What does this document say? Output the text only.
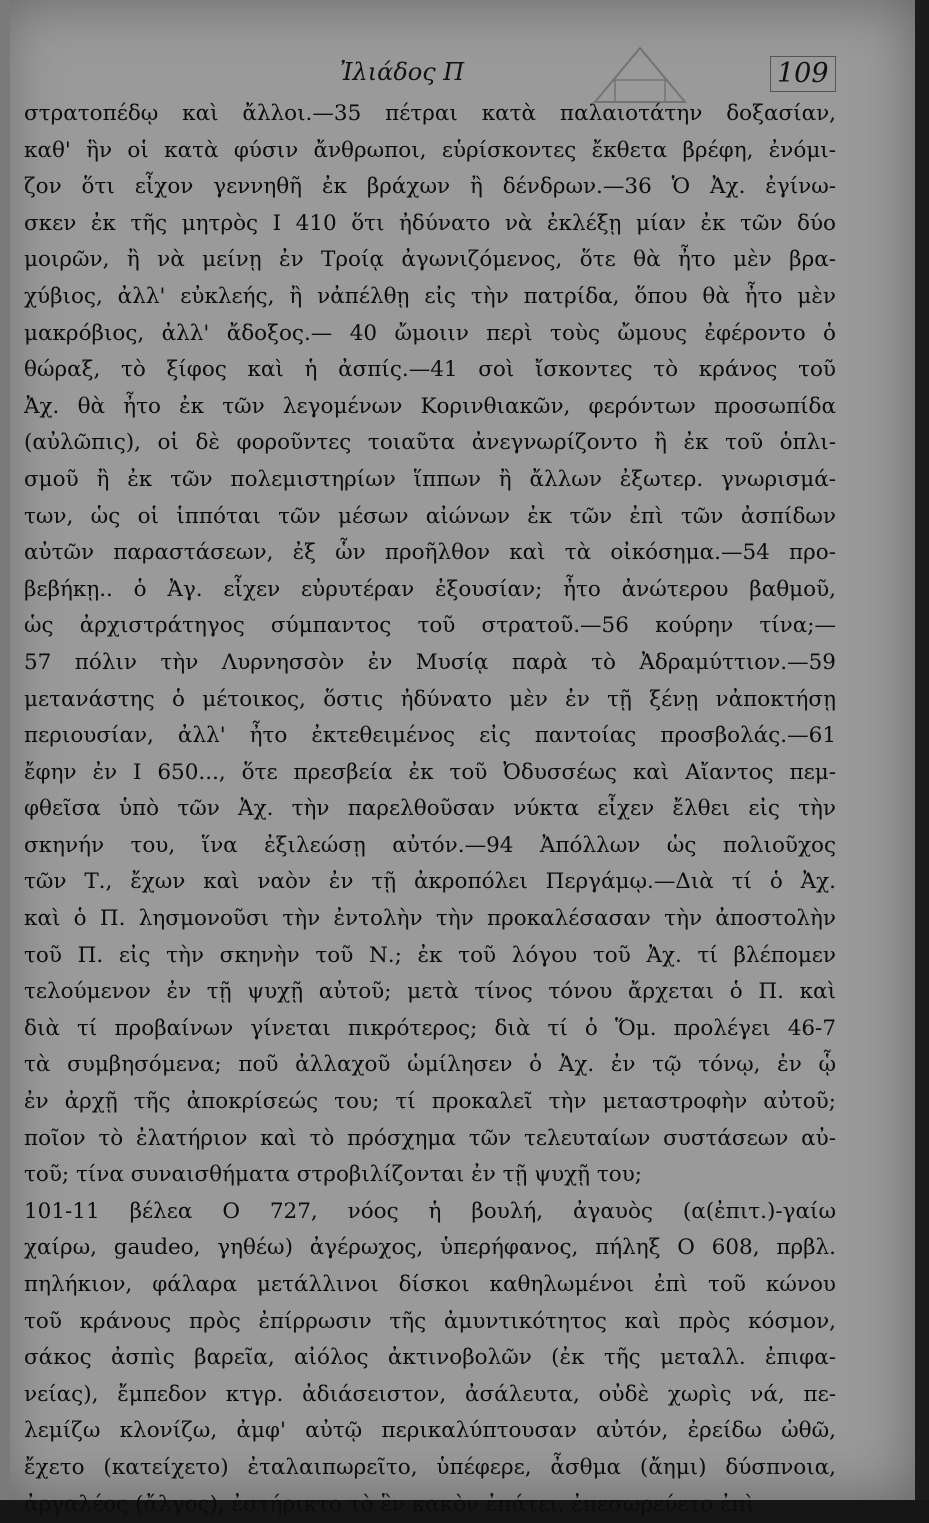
Ἰλιάδος Π	109
στρατοπέδῳ καὶ ἄλλοι.—35 πέτραι κατὰ παλαιοτάτην δοξασίαν,
καθ' ἣν οἱ κατὰ φύσιν ἄνθρωποι, εὑρίσκοντες ἔκθετα βρέφη, ἐνόμι-
ζον ὅτι εἶχον γεννηθῆ ἐκ βράχων ἢ δένδρων.—36 Ὁ Ἀχ. ἐγίνω-
σκεν ἐκ τῆς μητρὸς Ι 410 ὅτι ἠδύνατο νὰ ἐκλέξῃ μίαν ἐκ τῶν δύο
μοιρῶν, ἢ νὰ μείνῃ ἐν Τροίᾳ ἀγωνιζόμενος, ὅτε θὰ ἦτο μὲν βρα-
χύβιος, ἀλλ' εὐκλεής, ἢ νἀπέλθῃ εἰς τὴν πατρίδα, ὅπου θὰ ἦτο μὲν
μακρόβιος, ἀλλ' ἄδοξος.— 40 ὤμοιιν περὶ τοὺς ὤμους ἐφέροντο ὁ
θώραξ, τὸ ξίφος καὶ ἡ ἀσπίς.—41 σοὶ ἴσκοντες τὸ κράνος τοῦ
Ἀχ. θὰ ἦτο ἐκ τῶν λεγομένων Κορινθιακῶν, φερόντων προσωπίδα
(αὐλῶπις), οἱ δὲ φοροῦντες τοιαῦτα ἀνεγνωρίζοντο ἢ ἐκ τοῦ ὁπλι-
σμοῦ ἢ ἐκ τῶν πολεμιστηρίων ἵππων ἢ ἄλλων ἐξωτερ. γνωρισμά-
των, ὡς οἱ ἱππόται τῶν μέσων αἰώνων ἐκ τῶν ἐπὶ τῶν ἀσπίδων
αὐτῶν παραστάσεων, ἐξ ὧν προῆλθον καὶ τὰ οἰκόσημα.—54 προ-
βεβήκῃ.. ὁ Ἀγ. εἶχεν εὐρυτέραν ἐξουσίαν; ἦτο ἀνώτερου βαθμοῦ,
ὡς ἀρχιστράτηγος σύμπαντος τοῦ στρατοῦ.—56 κούρην τίνα;—
57 πόλιν τὴν Λυρνησσὸν ἐν Μυσίᾳ παρὰ τὸ Ἀδραμύττιον.—59
μετανάστης ὁ μέτοικος, ὅστις ἠδύνατο μὲν ἐν τῇ ξένῃ νἀποκτήσῃ
περιουσίαν, ἀλλ' ἦτο ἐκτεθειμένος εἰς παντοίας προσβολάς.—61
ἔφην ἐν Ι 650..., ὅτε πρεσβεία ἐκ τοῦ Ὀδυσσέως καὶ Αἴαντος πεμ-
φθεῖσα ὑπὸ τῶν Ἀχ. τὴν παρελθοῦσαν νύκτα εἶχεν ἔλθει εἰς τὴν
σκηνήν του, ἵνα ἐξιλεώσῃ αὐτόν.—94 Ἀπόλλων ὡς πολιοῦχος
τῶν Τ., ἔχων καὶ ναὸν ἐν τῇ ἀκροπόλει Περγάμῳ.—Διὰ τί ὁ Ἀχ.
καὶ ὁ Π. λησμονοῦσι τὴν ἐντολὴν τὴν προκαλέσασαν τὴν ἀποστολὴν
τοῦ Π. εἰς τὴν σκηνὴν τοῦ Ν.; ἐκ τοῦ λόγου τοῦ Ἀχ. τί βλέπομεν
τελούμενον ἐν τῇ ψυχῇ αὐτοῦ; μετὰ τίνος τόνου ἄρχεται ὁ Π. καὶ
διὰ τί προβαίνων γίνεται πικρότερος; διὰ τί ὁ Ὅμ. προλέγει 46-7
τὰ συμβησόμενα; ποῦ ἀλλαχοῦ ὡμίλησεν ὁ Ἀχ. ἐν τῷ τόνῳ, ἐν ᾧ
ἐν ἀρχῇ τῆς ἀποκρίσεώς του; τί προκαλεῖ τὴν μεταστροφὴν αὐτοῦ;
ποῖον τὸ ἐλατήριον καὶ τὸ πρόσχημα τῶν τελευταίων συστάσεων αὐ-
τοῦ; τίνα συναισθήματα στροβιλίζονται ἐν τῇ ψυχῇ του;
101-11 βέλεα Ο 727, νόος ἡ βουλή, ἀγαυὸς (α(ἐπιτ.)-γαίω
χαίρω, gaudeo, γηθέω) ἀγέρωχος, ὑπερήφανος, πήληξ Ο 608, πρβλ.
πηλήκιον, φάλαρα μετάλλινοι δίσκοι καθηλωμένοι ἐπὶ τοῦ κώνου
τοῦ κράνους πρὸς ἐπίρρωσιν τῆς ἀμυντικότητος καὶ πρὸς κόσμον,
σάκος ἀσπὶς βαρεῖα, αἰόλος ἀκτινοβολῶν (ἐκ τῆς μεταλλ. ἐπιφα-
νείας), ἔμπεδον κτγρ. ἀδιάσειστον, ἀσάλευτα, οὐδὲ χωρὶς νά, πε-
λεμίζω κλονίζω, ἀμφ' αὐτῷ περικαλύπτουσαν αὐτόν, ἐρείδω ὠθῶ,
ἔχετο (κατείχετο) ἐταλαιπωρεῖτο, ὑπέφερε, ἆσθμα (ἄημι) δύσπνοια,
ἀργαλέος (ἄλγος), ἐστήρικτο τὸ ἓν κακὸν ἐπάτει, ἐπεσωρεύετο ἐπὶ
